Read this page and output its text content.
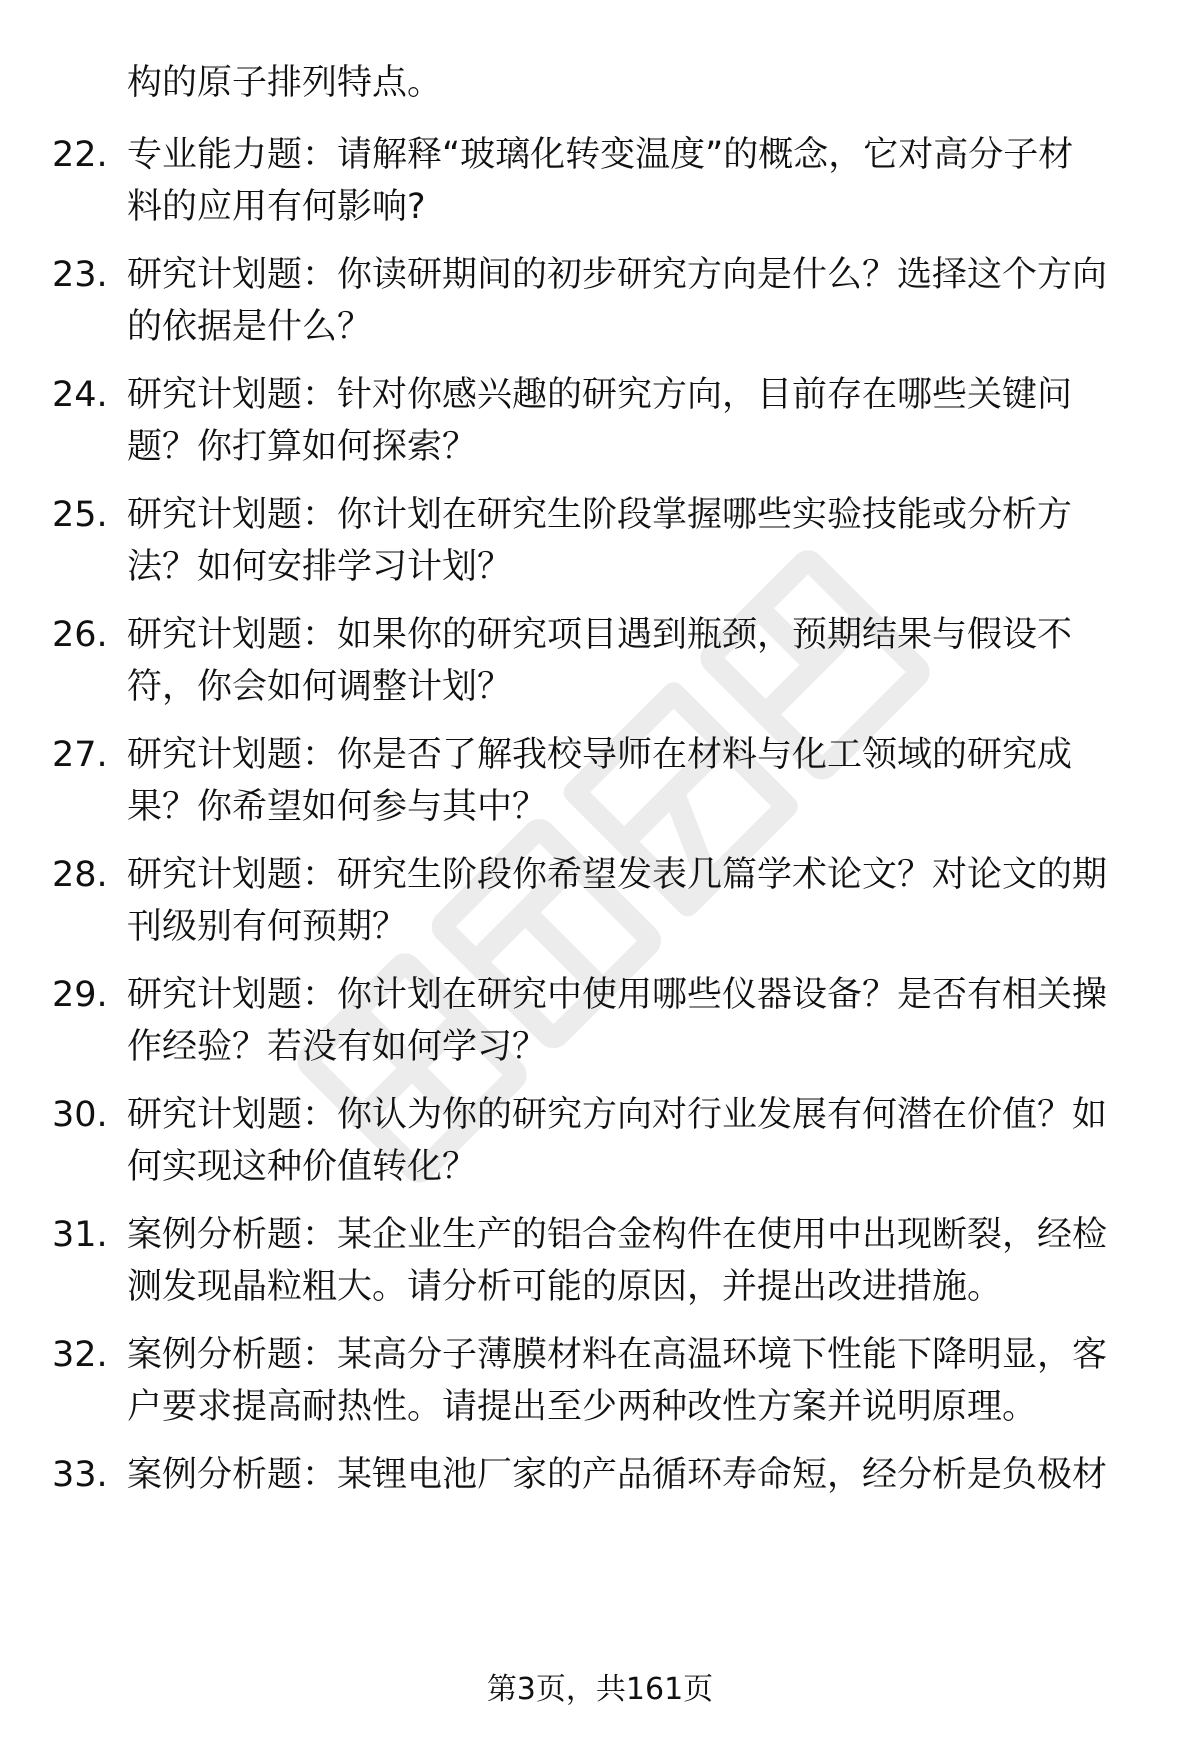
构的原子排列特点。
22. 专业能力题：请解释“玻璃化转变温度”的概念，它对高分子材
料的应用有何影响?
23. 研究计划题：你读研期间的初步研究方向是什么？选择这个方向
的依据是什么？
24. 研究计划题：针对你感兴趣的研究方向，目前存在哪些关键问
题？你打算如何探索？
25. 研究计划题：你计划在研究生阶段掌握哪些实验技能或分析方
法？如何安排学习计划？
26. 研究计划题：如果你的研究项目遇到瓶颈，预期结果与假设不
符，你会如何调整计划？
27. 研究计划题：你是否了解我校导师在材料与化工领域的研究成
果？你希望如何参与其中？
28. 研究计划题：研究生阶段你希望发表几篇学术论文？对论文的期
刊级别有何预期？
29. 研究计划题：你计划在研究中使用哪些仪器设备？是否有相关操
作经验？若没有如何学习？
30. 研究计划题：你认为你的研究方向对行业发展有何潜在价值？如
何实现这种价值转化？
31. 案例分析题：某企业生产的铝合金构件在使用中出现断裂，经检
测发现晶粒粗大。请分析可能的原因，并提出改进措施。
32. 案例分析题：某高分子薄膜材料在高温环境下性能下降明显，客
户要求提高耐热性。请提出至少两种改性方案并说明原理。
33. 案例分析题：某锂电池厂家的产品循环寿命短，经分析是负极材
第3页，共161页
